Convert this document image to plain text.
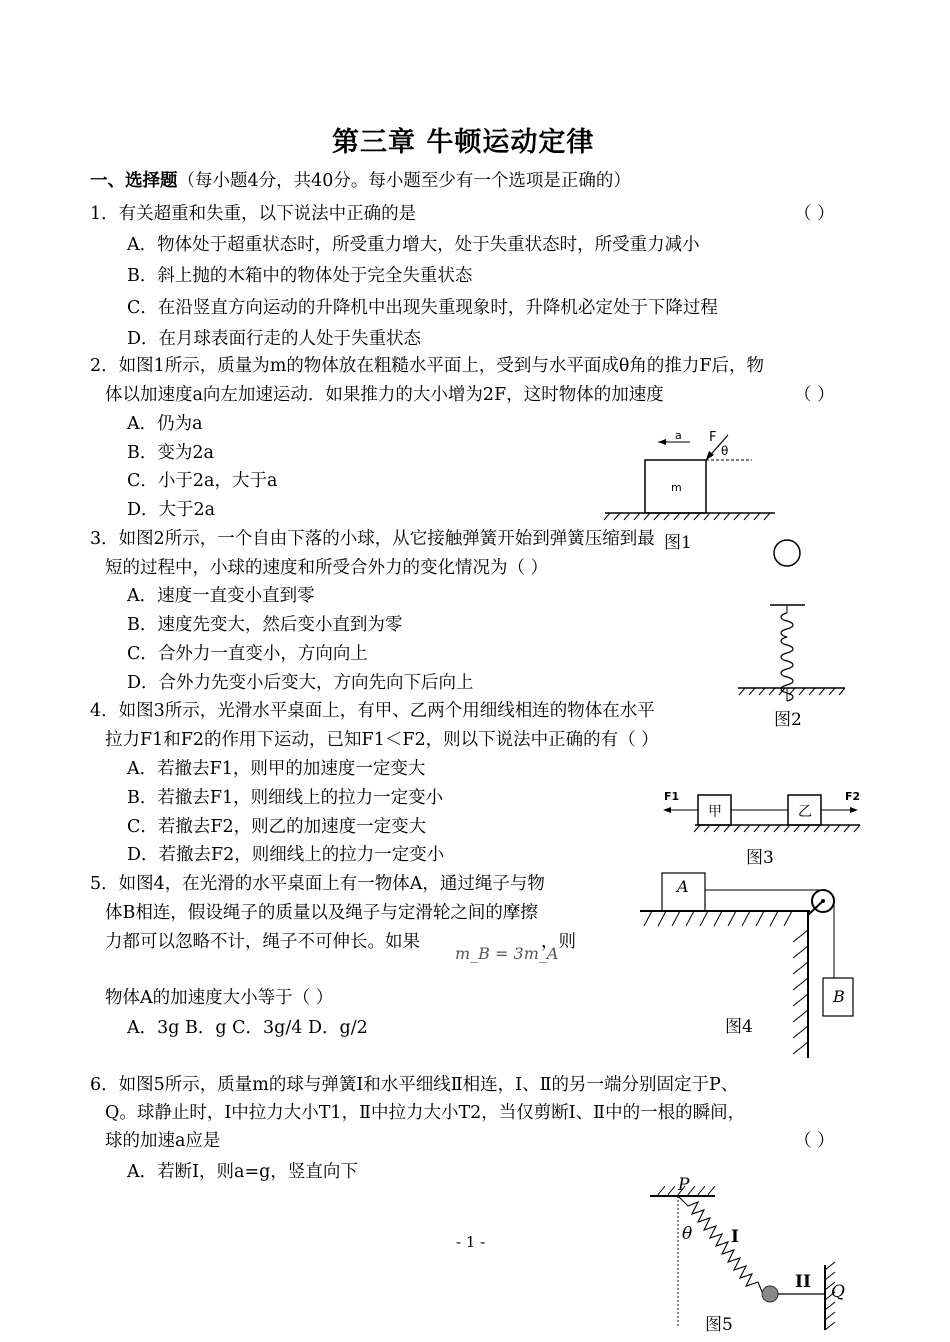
第三章 牛顿运动定律
一、选择题（每小题4分，共40分。每小题至少有一个选项是正确的）
1．有关超重和失重，以下说法中正确的是	（ ）
A．物体处于超重状态时，所受重力增大，处于失重状态时，所受重力减小
B．斜上抛的木箱中的物体处于完全失重状态
C．在沿竖直方向运动的升降机中出现失重现象时，升降机必定处于下降过程
D．在月球表面行走的人处于失重状态
2．如图1所示，质量为m的物体放在粗糙水平面上，受到与水平面成θ角的推力F后，物
体以加速度a向左加速运动．如果推力的大小增为2F，这时物体的加速度	（ ）
A．仍为a
B．变为2a
C．小于2a，大于a
D．大于2a
3．如图2所示，一个自由下落的小球，从它接触弹簧开始到弹簧压缩到最
短的过程中，小球的速度和所受合外力的变化情况为（ ）
A．速度一直变小直到零
B．速度先变大，然后变小直到为零
C．合外力一直变小，方向向上
D．合外力先变小后变大，方向先向下后向上
4．如图3所示，光滑水平桌面上，有甲、乙两个用细线相连的物体在水平
拉力F1和F2的作用下运动，已知F1＜F2，则以下说法中正确的有（ ）
A．若撤去F1，则甲的加速度一定变大
B．若撤去F1，则细线上的拉力一定变小
C．若撤去F2，则乙的加速度一定变大
D．若撤去F2，则细线上的拉力一定变小
5．如图4，在光滑的水平桌面上有一物体A，通过绳子与物
体B相连，假设绳子的质量以及绳子与定滑轮之间的摩擦
力都可以忽略不计，绳子不可伸长。如果
m_B = 3m_A
，则
物体A的加速度大小等于（ ）
A．3g B．g C．3g/4 D．g/2
6．如图5所示，质量m的球与弹簧Ⅰ和水平细线Ⅱ相连，Ⅰ、Ⅱ的另一端分别固定于P、
Q。球静止时，Ⅰ中拉力大小T1，Ⅱ中拉力大小T2，当仅剪断Ⅰ、Ⅱ中的一根的瞬间，
球的加速a应是	（ ）
A．若断Ⅰ，则a=g，竖直向下
- 1 -
a F
θ
m
图1
图2
甲	乙
F1	F2
图3
A
B
图4
P
Q
θ I
II
图5
